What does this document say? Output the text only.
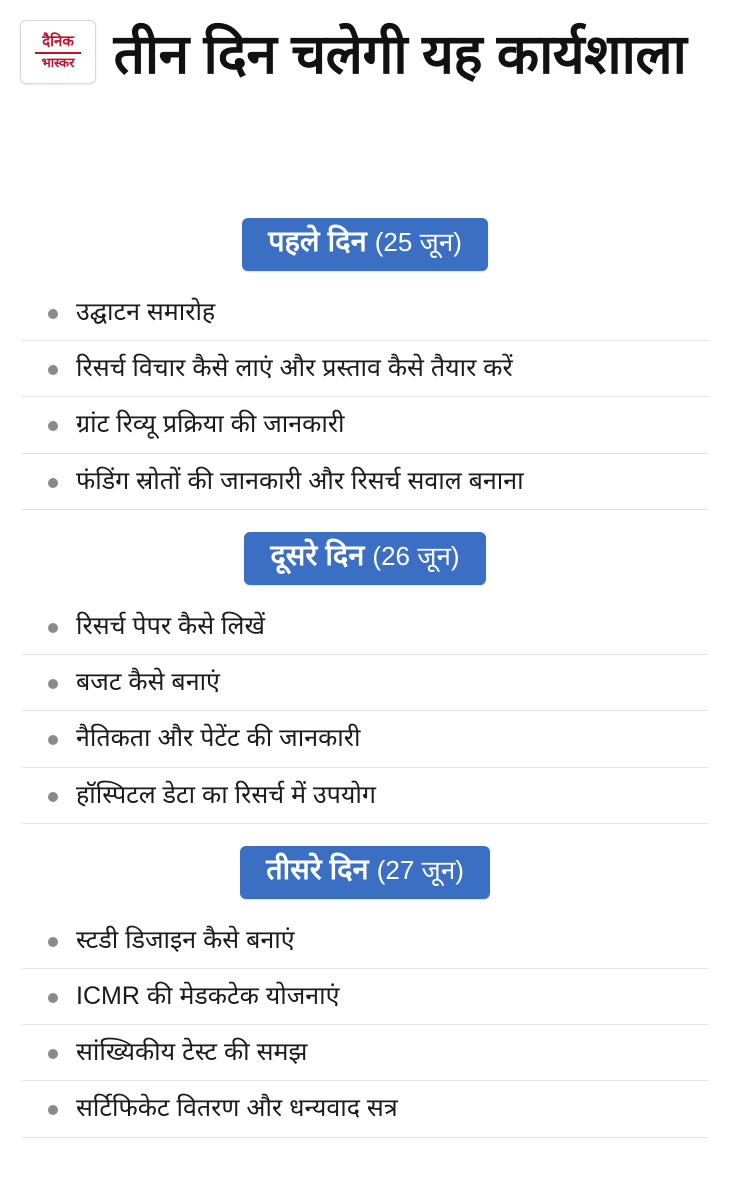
दैनिक
भास्कर तीन दिन चलेगी यह कार्यशाला
पहले दिन (25 जून)
उद्घाटन समारोह
रिसर्च विचार कैसे लाएं और प्रस्ताव कैसे तैयार करें
ग्रांट रिव्यू प्रक्रिया की जानकारी
फंडिंग स्रोतों की जानकारी और रिसर्च सवाल बनाना
दूसरे दिन (26 जून)
रिसर्च पेपर कैसे लिखें
बजट कैसे बनाएं
नैतिकता और पेटेंट की जानकारी
हॉस्पिटल डेटा का रिसर्च में उपयोग
तीसरे दिन (27 जून)
स्टडी डिजाइन कैसे बनाएं
ICMR की मेडकटेक योजनाएं
सांख्यिकीय टेस्ट की समझ
सर्टिफिकेट वितरण और धन्यवाद सत्र
